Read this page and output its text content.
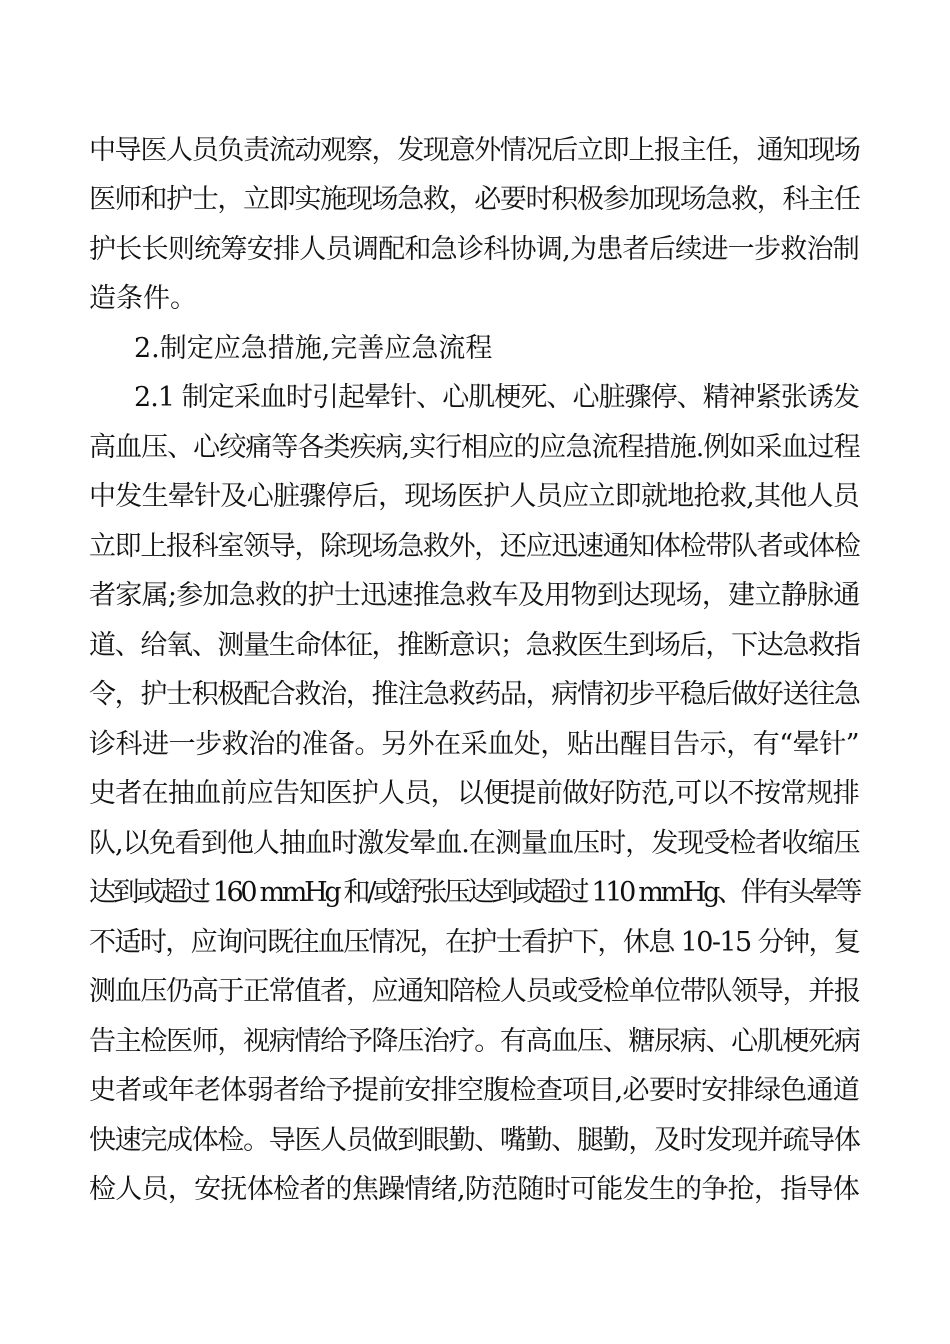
中导医人员负责流动观察，发现意外情况后立即上报主任，通知现场
医师和护士，立即实施现场急救，必要时积极参加现场急救，科主任
护长长则统筹安排人员调配和急诊科协调,为患者后续进一步救治制
造条件。
2.制定应急措施,完善应急流程
2.1 制定采血时引起晕针、心肌梗死、心脏骤停、精神紧张诱发
高血压、心绞痛等各类疾病,实行相应的应急流程措施.例如采血过程
中发生晕针及心脏骤停后，现场医护人员应立即就地抢救,其他人员
立即上报科室领导，除现场急救外，还应迅速通知体检带队者或体检
者家属;参加急救的护士迅速推急救车及用物到达现场，建立静脉通
道、给氧、测量生命体征，推断意识；急救医生到场后，下达急救指
令，护士积极配合救治，推注急救药品，病情初步平稳后做好送往急
诊科进一步救治的准备。另外在采血处，贴出醒目告示，有“晕针”
史者在抽血前应告知医护人员，以便提前做好防范,可以不按常规排
队,以免看到他人抽血时激发晕血.在测量血压时，发现受检者收缩压
达到或超过 160 mmHg 和/或舒张压达到或超过 110 mmHg、伴有头晕等
不适时，应询问既往血压情况，在护士看护下，休息 10-15 分钟，复
测血压仍高于正常值者，应通知陪检人员或受检单位带队领导，并报
告主检医师，视病情给予降压治疗。有高血压、糖尿病、心肌梗死病
史者或年老体弱者给予提前安排空腹检查项目,必要时安排绿色通道
快速完成体检。导医人员做到眼勤、嘴勤、腿勤，及时发现并疏导体
检人员，安抚体检者的焦躁情绪,防范随时可能发生的争抢，指导体
